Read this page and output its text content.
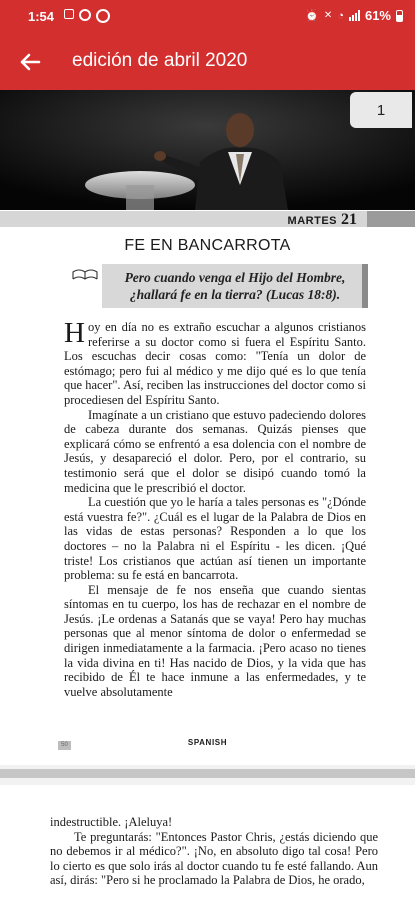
1:54	⏰ ✕ ◔ 61%
edición de abril 2020
1
MARTES 21
FE EN BANCARROTA
Pero cuando venga el Hijo del Hombre, ¿hallará fe en la tierra? (Lucas 18:8).

Hoy en día no es extraño escuchar a algunos cristianos referirse a su doctor como si fuera el Espíritu Santo. Los escuchas decir cosas como: "Tenía un dolor de estómago; pero fui al médico y me dijo qué es lo que tenía que hacer". Así, reciben las instrucciones del doctor como si procediesen del Espíritu Santo.

Imagínate a un cristiano que estuvo padeciendo dolores de cabeza durante dos semanas. Quizás pienses que explicará cómo se enfrentó a esa dolencia con el nombre de Jesús, y desapareció el dolor. Pero, por el contrario, su testimonio será que el dolor se disipó cuando tomó la medicina que le prescribió el doctor.

La cuestión que yo le haría a tales personas es "¿Dónde está vuestra fe?". ¿Cuál es el lugar de la Palabra de Dios en las vidas de estas personas? Responden a lo que los doctores – no la Palabra ni el Espíritu - les dicen. ¡Qué triste! Los cristianos que actúan así tienen un importante problema: su fe está en bancarrota.

El mensaje de fe nos enseña que cuando sientas síntomas en tu cuerpo, los has de rechazar en el nombre de Jesús. ¡Le ordenas a Satanás que se vaya! Pero hay muchas personas que al menor síntoma de dolor o enfermedad se dirigen inmediatamente a la farmacia. ¡Pero acaso no tienes la vida divina en ti! Has nacido de Dios, y la vida que has recibido de Él te hace inmune a las enfermedades, y te vuelve absolutamente

50	SPANISH

indestructible. ¡Aleluya!

Te preguntarás: "Entonces Pastor Chris, ¿estás diciendo que no debemos ir al médico?". ¡No, en absoluto digo tal cosa! Pero lo cierto es que solo irás al doctor cuando tu fe esté fallando. Aun así, dirás: "Pero si he proclamado la Palabra de Dios, he orado,
